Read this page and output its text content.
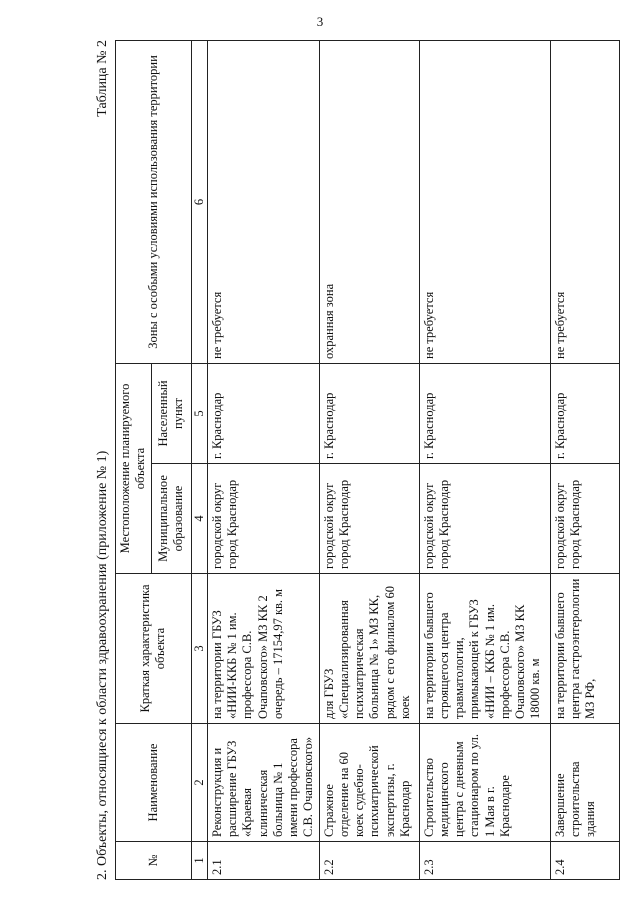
3
2. Объекты, относящиеся к области здравоохранения (приложение № 1)
Таблица № 2
№	Наименование	Краткая характеристика объекта	Местоположение планируемого объекта		Зоны с особыми условиями использования территории
			Муниципальное образование	Населенный пункт	
1	2	3	4	5	6
2.1	Реконструкция и расширение ГБУЗ «Краевая клиническая больница № 1 имени профессора С.В. Очаповского»	на территории ГБУЗ «НИИ-ККБ № 1 им. профессора С.В. Очаповского» МЗ КК 2 очередь – 17154,97 кв. м	городской округ город Краснодар	г. Краснодар	не требуется
2.2	Стражное отделение на 60 коек судебно-психиатрической экспертизы, г. Краснодар	для ГБУЗ «Специализированная психиатрическая больница № 1» МЗ КК, рядом с его филиалом 60 коек	городской округ город Краснодар	г. Краснодар	охранная зона
2.3	Строительство медицинского центра с дневным стационаром по ул. 1 Мая в г. Краснодаре	на территории бывшего строящегося центра травматологии, примыкающей к ГБУЗ «НИИ – ККБ № 1 им. профессора С.В. Очаповского» МЗ КК 18000 кв. м	городской округ город Краснодар	г. Краснодар	не требуется
2.4	Завершение строительства здания	на территории бывшего центра гастроэнтерологии МЗ РФ,	городской округ город Краснодар	г. Краснодар	не требуется
